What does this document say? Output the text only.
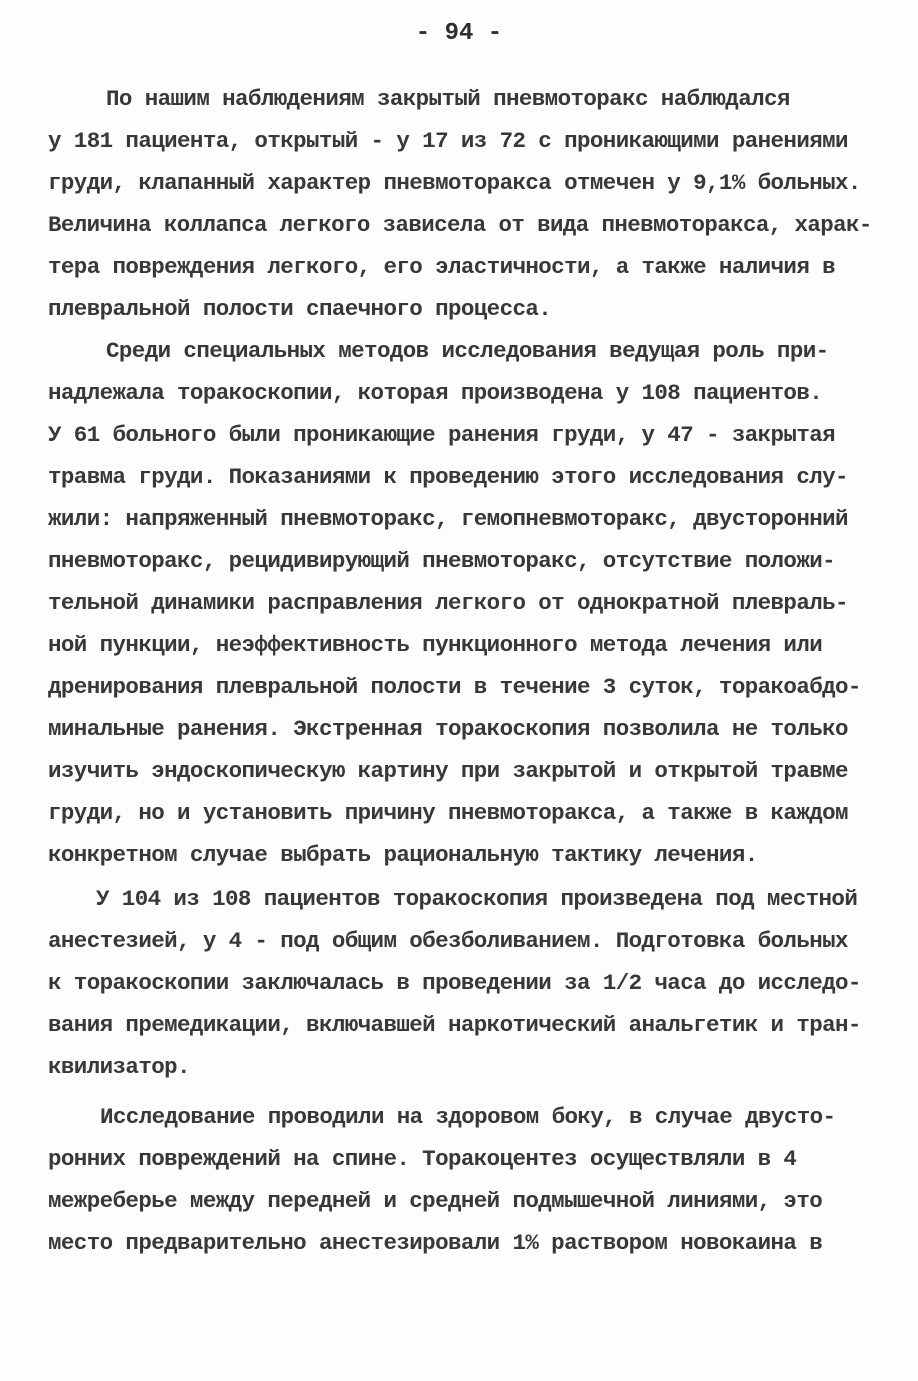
- 94 -
По нашим наблюдениям закрытый пневмоторакс наблюдался
у 181 пациента, открытый - у 17 из 72 с проникающими ранениями
груди, клапанный характер пневмоторакса отмечен у 9,1% больных.
Величина коллапса легкого зависела от вида пневмоторакса, харак-
тера повреждения легкого, его эластичности, а также наличия в
плевральной полости спаечного процесса.
Среди специальных методов исследования ведущая роль при-
надлежала торакоскопии, которая производена у 108 пациентов.
У 61 больного были проникающие ранения груди, у 47 - закрытая
травма груди. Показаниями к проведению этого исследования слу-
жили: напряженный пневмоторакс, гемопневмоторакс, двусторонний
пневмоторакс, рецидивирующий пневмоторакс, отсутствие положи-
тельной динамики расправления легкого от однократной плевраль-
ной пункции, неэффективность пункционного метода лечения или
дренирования плевральной полости в течение 3 суток, торакоабдо-
минальные ранения. Экстренная торакоскопия позволила не только
изучить эндоскопическую картину при закрытой и открытой травме
груди, но и установить причину пневмоторакса, а также в каждом
конкретном случае выбрать рациональную тактику лечения.
У 104 из 108 пациентов торакоскопия произведена под местной
анестезией, у 4 - под общим обезболиванием. Подготовка больных
к торакоскопии заключалась в проведении за 1/2 часа до исследо-
вания премедикации, включавшей наркотический анальгетик и тран-
квилизатор.
Исследование проводили на здоровом боку, в случае двусто-
ронних повреждений на спине. Торакоцентез осуществляли в 4
межреберье между передней и средней подмышечной линиями, это
место предварительно анестезировали 1% раствором новокаина в
